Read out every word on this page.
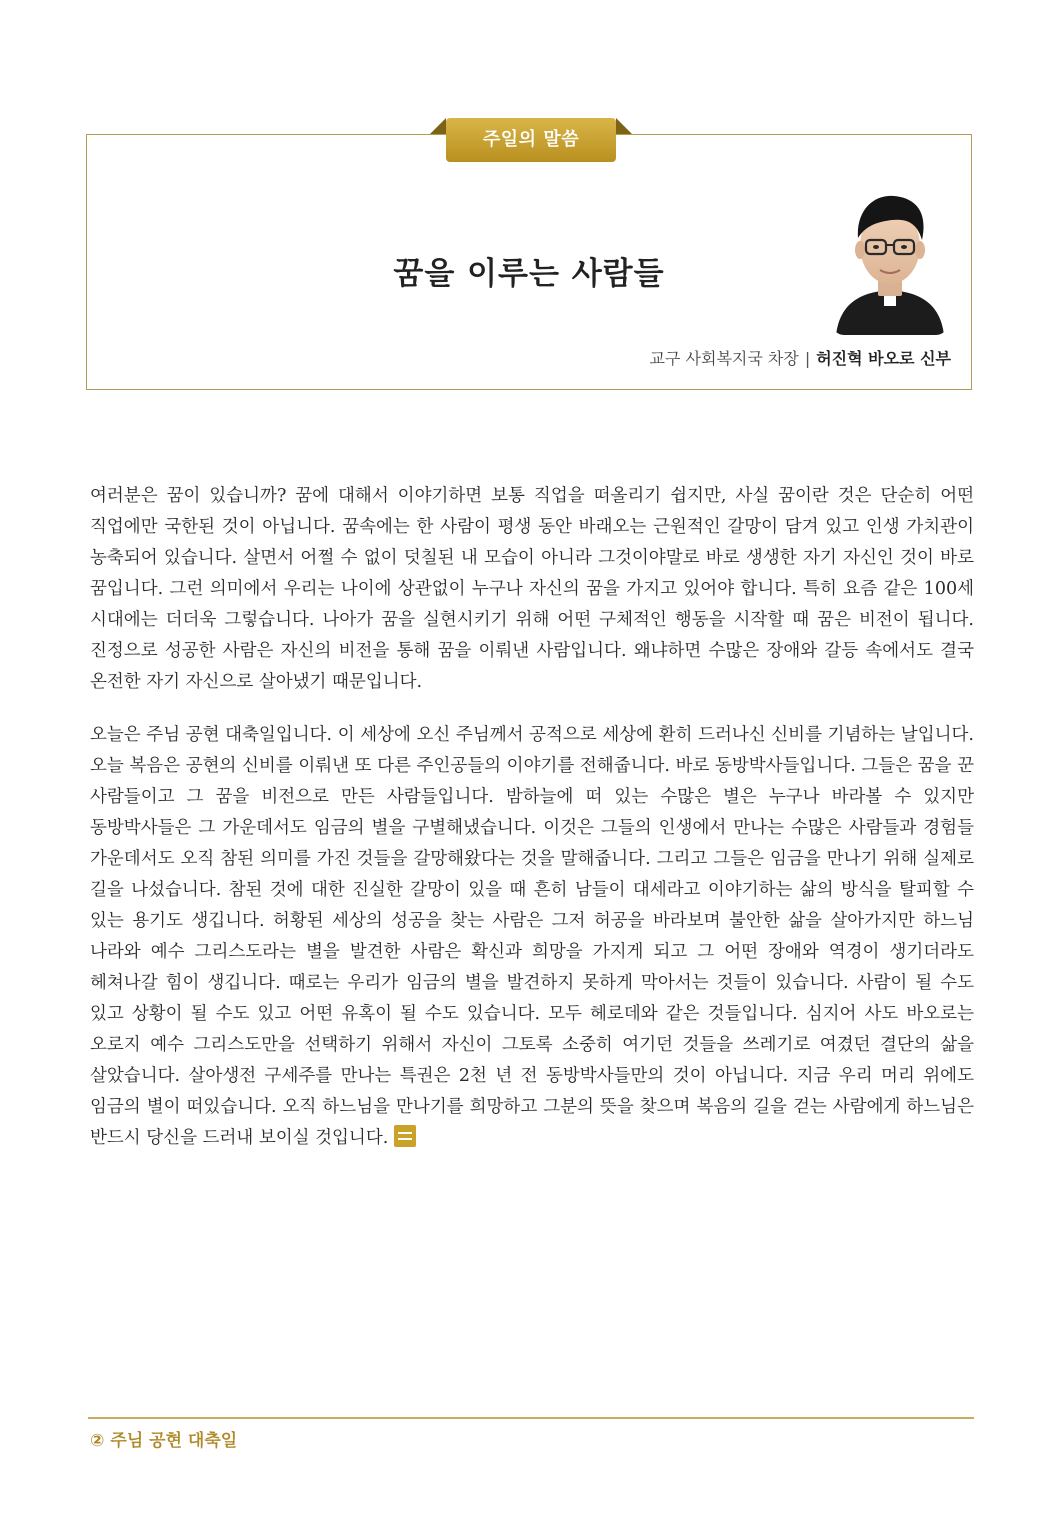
주일의 말씀
꿈을 이루는 사람들
교구 사회복지국 차장 | 허진혁 바오로 신부

여러분은 꿈이 있습니까? 꿈에 대해서 이야기하면 보통 직업을 떠올리기 쉽지만, 사실 꿈이란 것은 단순히 어떤 직업에만 국한된 것이 아닙니다. 꿈속에는 한 사람이 평생 동안 바래오는 근원적인 갈망이 담겨 있고 인생 가치관이 농축되어 있습니다. 살면서 어쩔 수 없이 덧칠된 내 모습이 아니라 그것이야말로 바로 생생한 자기 자신인 것이 바로 꿈입니다. 그런 의미에서 우리는 나이에 상관없이 누구나 자신의 꿈을 가지고 있어야 합니다. 특히 요즘 같은 100세 시대에는 더더욱 그렇습니다. 나아가 꿈을 실현시키기 위해 어떤 구체적인 행동을 시작할 때 꿈은 비전이 됩니다. 진정으로 성공한 사람은 자신의 비전을 통해 꿈을 이뤄낸 사람입니다. 왜냐하면 수많은 장애와 갈등 속에서도 결국 온전한 자기 자신으로 살아냈기 때문입니다.

오늘은 주님 공현 대축일입니다. 이 세상에 오신 주님께서 공적으로 세상에 환히 드러나신 신비를 기념하는 날입니다. 오늘 복음은 공현의 신비를 이뤄낸 또 다른 주인공들의 이야기를 전해줍니다. 바로 동방박사들입니다. 그들은 꿈을 꾼 사람들이고 그 꿈을 비전으로 만든 사람들입니다. 밤하늘에 떠 있는 수많은 별은 누구나 바라볼 수 있지만 동방박사들은 그 가운데서도 임금의 별을 구별해냈습니다. 이것은 그들의 인생에서 만나는 수많은 사람들과 경험들 가운데서도 오직 참된 의미를 가진 것들을 갈망해왔다는 것을 말해줍니다. 그리고 그들은 임금을 만나기 위해 실제로 길을 나섰습니다. 참된 것에 대한 진실한 갈망이 있을 때 흔히 남들이 대세라고 이야기하는 삶의 방식을 탈피할 수 있는 용기도 생깁니다. 허황된 세상의 성공을 찾는 사람은 그저 허공을 바라보며 불안한 삶을 살아가지만 하느님 나라와 예수 그리스도라는 별을 발견한 사람은 확신과 희망을 가지게 되고 그 어떤 장애와 역경이 생기더라도 헤쳐나갈 힘이 생깁니다. 때로는 우리가 임금의 별을 발견하지 못하게 막아서는 것들이 있습니다. 사람이 될 수도 있고 상황이 될 수도 있고 어떤 유혹이 될 수도 있습니다. 모두 헤로데와 같은 것들입니다. 심지어 사도 바오로는 오로지 예수 그리스도만을 선택하기 위해서 자신이 그토록 소중히 여기던 것들을 쓰레기로 여겼던 결단의 삶을 살았습니다. 살아생전 구세주를 만나는 특권은 2천 년 전 동방박사들만의 것이 아닙니다. 지금 우리 머리 위에도 임금의 별이 떠있습니다. 오직 하느님을 만나기를 희망하고 그분의 뜻을 찾으며 복음의 길을 걷는 사람에게 하느님은 반드시 당신을 드러내 보이실 것입니다.

② 주님 공현 대축일
